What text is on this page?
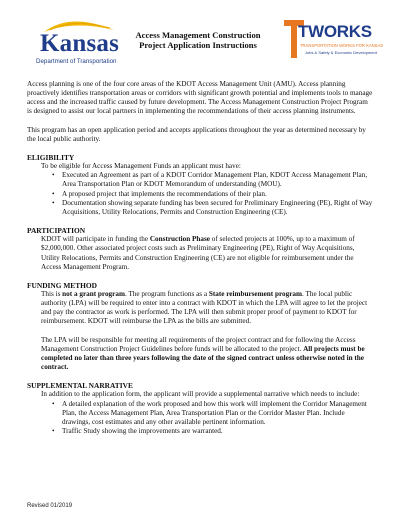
Kansas
Department of Transportation
Access Management Construction
Project Application Instructions
TWORKS
TRANSPORTATION WORKS FOR KANSAS
Jobs & Safety & Economic Development

Access planning is one of the four core areas of the KDOT Access Management Unit (AMU). Access planning proactively identifies transportation areas or corridors with significant growth potential and implements tools to manage access and the increased traffic caused by future development. The Access Management Construction Project Program is designed to assist our local partners in implementing the recommendations of their access planning instruments.

This program has an open application period and accepts applications throughout the year as determined necessary by the local public authority.

ELIGIBILITY

To be eligible for Access Management Funds an applicant must have:

• Executed an Agreement as part of a KDOT Corridor Management Plan, KDOT Access Management Plan, Area Transportation Plan or KDOT Memorandum of understanding (MOU).
• A proposed project that implements the recommendations of their plan.
• Documentation showing separate funding has been secured for Preliminary Engineering (PE), Right of Way Acquisitions, Utility Relocations, Permits and Construction Engineering (CE).

PARTICIPATION

KDOT will participate in funding the Construction Phase of selected projects at 100%, up to a maximum of $2,000,000. Other associated project costs such as Preliminary Engineering (PE), Right of Way Acquisitions, Utility Relocations, Permits and Construction Engineering (CE) are not eligible for reimbursement under the Access Management Program.

FUNDING METHOD

This is not a grant program. The program functions as a State reimbursement program. The local public authority (LPA) will be required to enter into a contract with KDOT in which the LPA will agree to let the project and pay the contractor as work is performed. The LPA will then submit proper proof of payment to KDOT for reimbursement. KDOT will reimburse the LPA as the bills are submitted.

The LPA will be responsible for meeting all requirements of the project contract and for following the Access Management Construction Project Guidelines before funds will be allocated to the project. All projects must be completed no later than three years following the date of the signed contract unless otherwise noted in the contract.

SUPPLEMENTAL NARRATIVE

In addition to the application form, the applicant will provide a supplemental narrative which needs to include:

• A detailed explanation of the work proposed and how this work will implement the Corridor Management Plan, the Access Management Plan, Area Transportation Plan or the Corridor Master Plan. Include drawings, cost estimates and any other available pertinent information.
• Traffic Study showing the improvements are warranted.
Revised 01/2019
